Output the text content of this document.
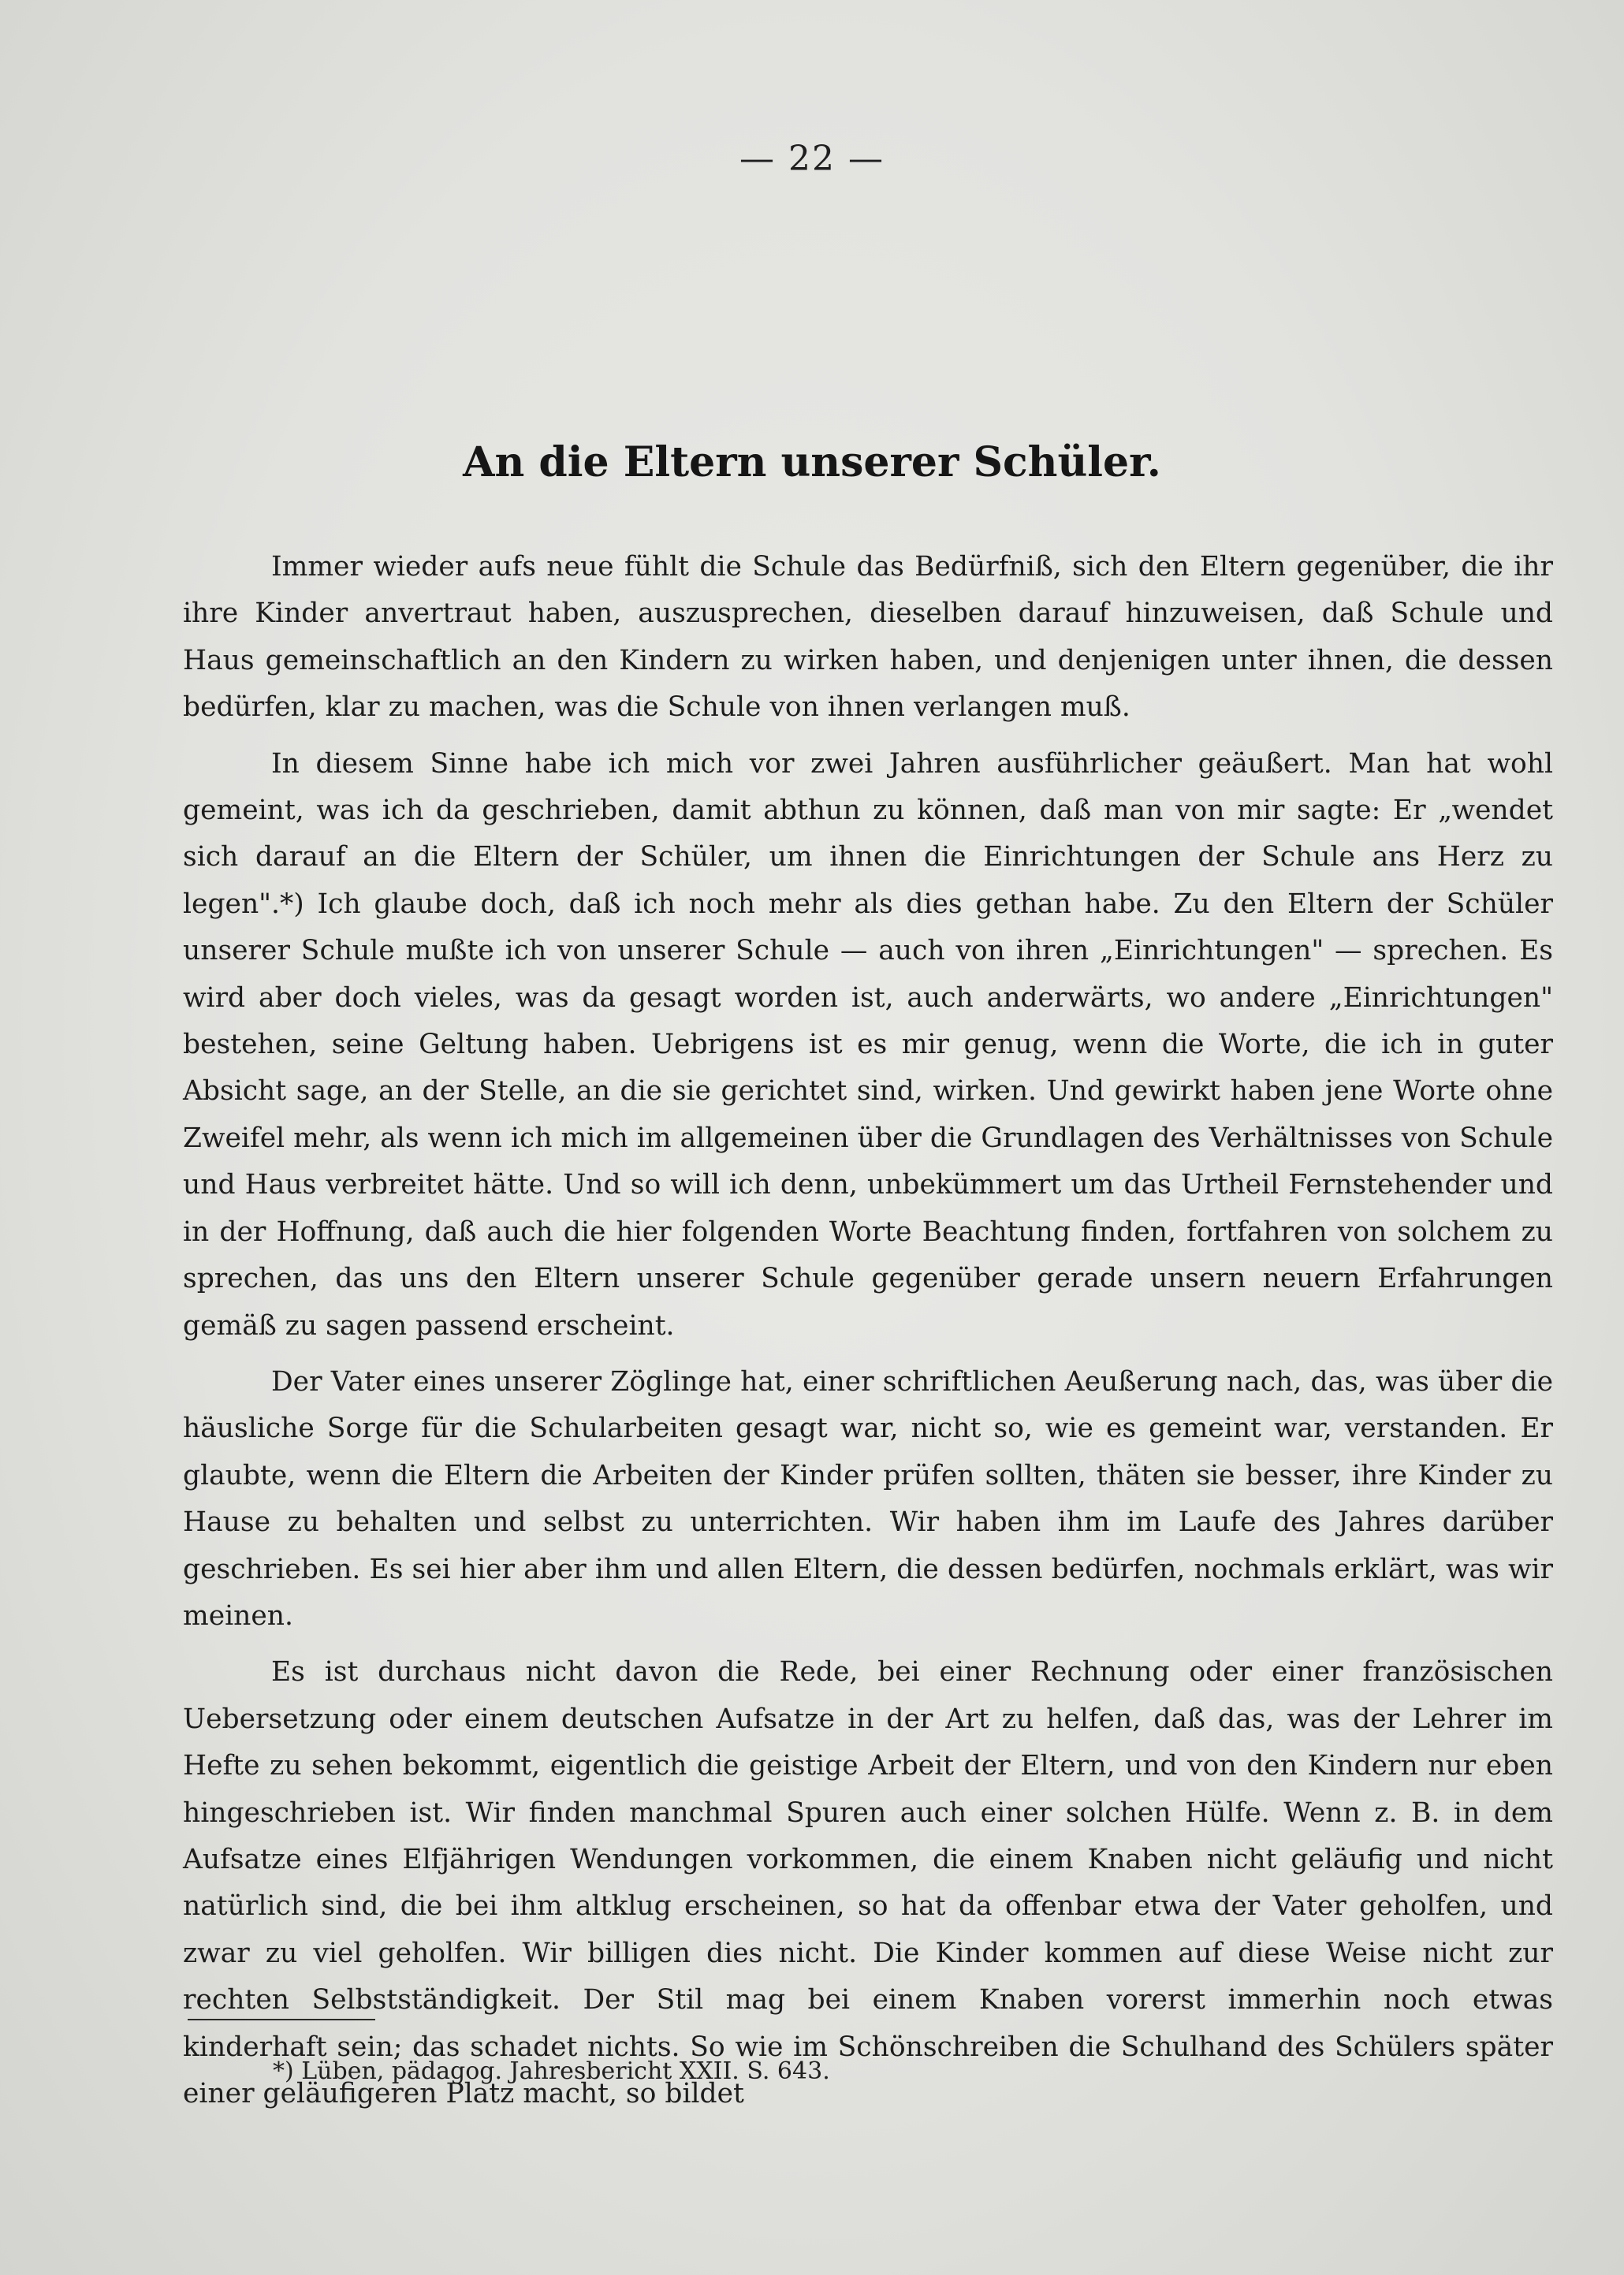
— 22 —
An die Eltern unserer Schüler.

Immer wieder aufs neue fühlt die Schule das Bedürfniß, sich den Eltern gegenüber, die ihr ihre Kinder anvertraut haben, auszusprechen, dieselben darauf hinzuweisen, daß Schule und Haus gemeinschaftlich an den Kindern zu wirken haben, und denjenigen unter ihnen, die dessen bedürfen, klar zu machen, was die Schule von ihnen verlangen muß.

In diesem Sinne habe ich mich vor zwei Jahren ausführlicher geäußert. Man hat wohl gemeint, was ich da geschrieben, damit abthun zu können, daß man von mir sagte: Er „wendet sich darauf an die Eltern der Schüler, um ihnen die Einrichtungen der Schule ans Herz zu legen".*) Ich glaube doch, daß ich noch mehr als dies gethan habe. Zu den Eltern der Schüler unserer Schule mußte ich von unserer Schule — auch von ihren „Einrichtungen" — sprechen. Es wird aber doch vieles, was da gesagt worden ist, auch anderwärts, wo andere „Einrichtungen" bestehen, seine Geltung haben. Uebrigens ist es mir genug, wenn die Worte, die ich in guter Absicht sage, an der Stelle, an die sie gerichtet sind, wirken. Und gewirkt haben jene Worte ohne Zweifel mehr, als wenn ich mich im allgemeinen über die Grundlagen des Verhältnisses von Schule und Haus verbreitet hätte. Und so will ich denn, unbekümmert um das Urtheil Fernstehender und in der Hoffnung, daß auch die hier folgenden Worte Beachtung finden, fortfahren von solchem zu sprechen, das uns den Eltern unserer Schule gegenüber gerade unsern neuern Erfahrungen gemäß zu sagen passend erscheint.

Der Vater eines unserer Zöglinge hat, einer schriftlichen Aeußerung nach, das, was über die häusliche Sorge für die Schularbeiten gesagt war, nicht so, wie es gemeint war, verstanden. Er glaubte, wenn die Eltern die Arbeiten der Kinder prüfen sollten, thäten sie besser, ihre Kinder zu Hause zu behalten und selbst zu unterrichten. Wir haben ihm im Laufe des Jahres darüber geschrieben. Es sei hier aber ihm und allen Eltern, die dessen bedürfen, nochmals erklärt, was wir meinen.

Es ist durchaus nicht davon die Rede, bei einer Rechnung oder einer französischen Uebersetzung oder einem deutschen Aufsatze in der Art zu helfen, daß das, was der Lehrer im Hefte zu sehen bekommt, eigentlich die geistige Arbeit der Eltern, und von den Kindern nur eben hingeschrieben ist. Wir finden manchmal Spuren auch einer solchen Hülfe. Wenn z. B. in dem Aufsatze eines Elfjährigen Wendungen vorkommen, die einem Knaben nicht geläufig und nicht natürlich sind, die bei ihm altklug erscheinen, so hat da offenbar etwa der Vater geholfen, und zwar zu viel geholfen. Wir billigen dies nicht. Die Kinder kommen auf diese Weise nicht zur rechten Selbstständigkeit. Der Stil mag bei einem Knaben vorerst immerhin noch etwas kinderhaft sein; das schadet nichts. So wie im Schönschreiben die Schulhand des Schülers später einer geläufigeren Platz macht, so bildet

*) Lüben, pädagog. Jahresbericht XXII. S. 643.
